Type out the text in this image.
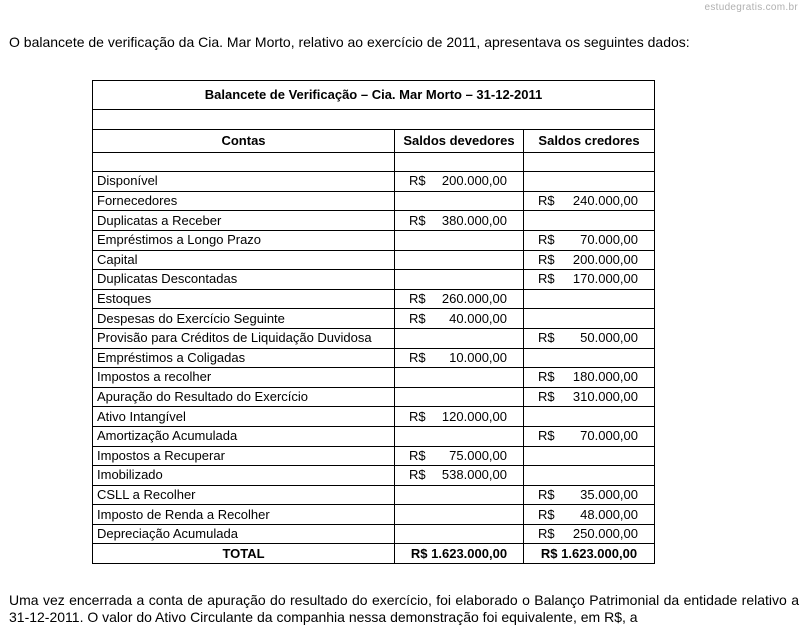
estudegratis.com.br
O balancete de verificação da Cia. Mar Morto, relativo ao exercício de 2011, apresentava os seguintes dados:
Balancete de Verificação – Cia. Mar Morto – 31-12-2011		

Contas	Saldos devedores	Saldos credores

Disponível	R$ 200.000,00	

Fornecedores		R$ 240.000,00

Duplicatas a Receber	R$ 380.000,00	

Empréstimos a Longo Prazo		R$ 70.000,00

Capital		R$ 200.000,00

Duplicatas Descontadas		R$ 170.000,00

Estoques	R$ 260.000,00	

Despesas do Exercício Seguinte	R$ 40.000,00	

Provisão para Créditos de Liquidação Duvidosa		R$ 50.000,00

Empréstimos a Coligadas	R$ 10.000,00	

Impostos a recolher		R$ 180.000,00

Apuração do Resultado do Exercício		R$ 310.000,00

Ativo Intangível	R$ 120.000,00	

Amortização Acumulada		R$ 70.000,00

Impostos a Recuperar	R$ 75.000,00	

Imobilizado	R$ 538.000,00	

CSLL a Recolher		R$ 35.000,00

Imposto de Renda a Recolher		R$ 48.000,00

Depreciação Acumulada		R$ 250.000,00

TOTAL	R$ 1.623.000,00	R$ 1.623.000,00
Uma vez encerrada a conta de apuração do resultado do exercício, foi elaborado o Balanço Patrimonial da entidade relativo a 31-12-2011. O valor do Ativo Circulante da companhia nessa demonstração foi equivalente, em R$, a
